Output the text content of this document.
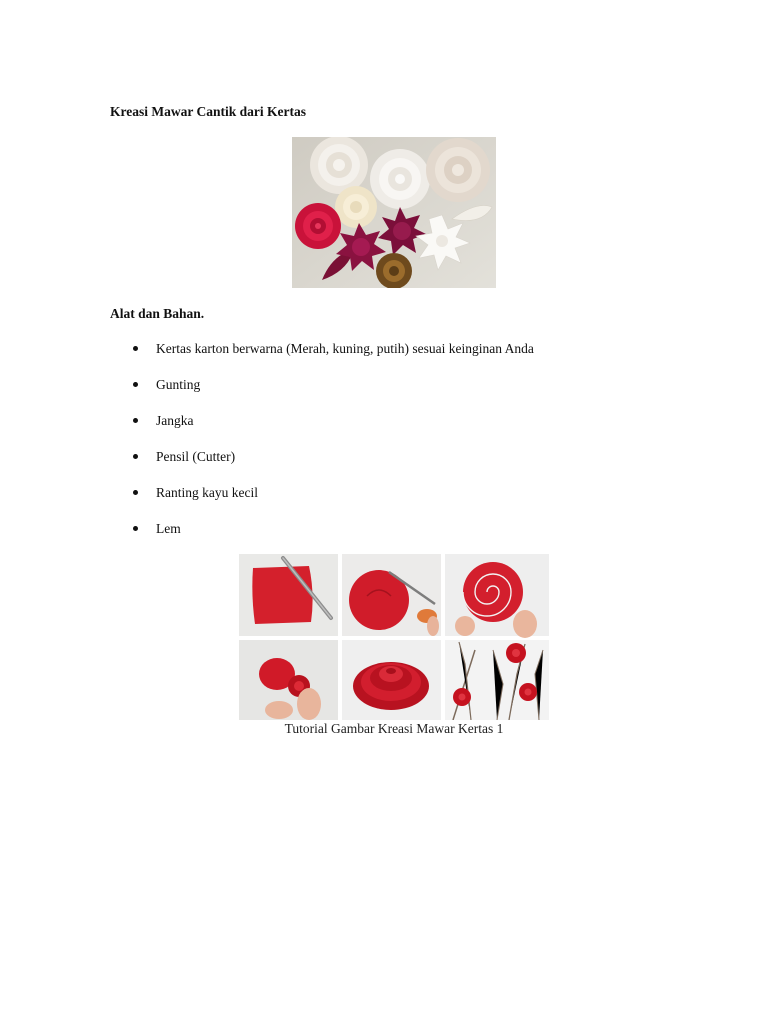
Kreasi Mawar Cantik dari Kertas
Alat dan Bahan.
Kertas karton berwarna (Merah, kuning, putih) sesuai keinginan Anda
Gunting
Jangka
Pensil (Cutter)
Ranting kayu kecil
Lem
Tutorial Gambar Kreasi Mawar Kertas 1
